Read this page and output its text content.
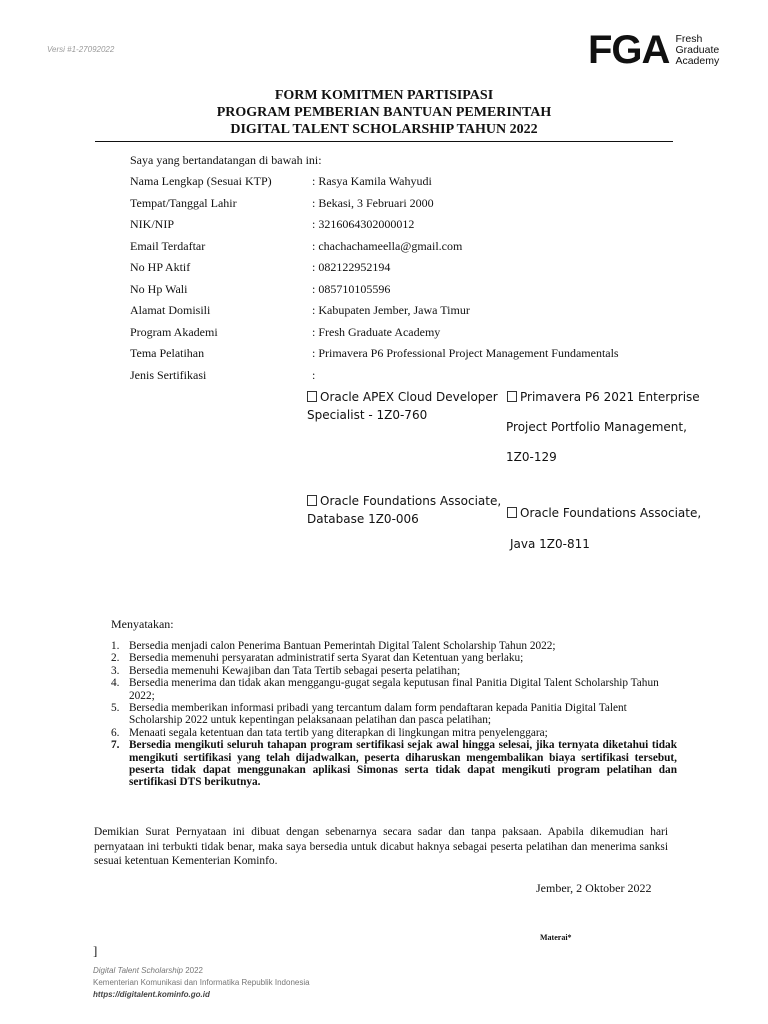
Versi #1-27092022	FGA Fresh
Graduate
Academy
FORM KOMITMEN PARTISIPASI
PROGRAM PEMBERIAN BANTUAN PEMERINTAH
DIGITAL TALENT SCHOLARSHIP TAHUN 2022
Saya yang bertandatangan di bawah ini:
Nama Lengkap (Sesuai KTP)	: Rasya Kamila Wahyudi
Tempat/Tanggal Lahir	: Bekasi, 3 Februari 2000
NIK/NIP	: 3216064302000012
Email Terdaftar	: chachachameella@gmail.com
No HP Aktif	: 082122952194
No Hp Wali	: 085710105596
Alamat Domisili	: Kabupaten Jember, Jawa Timur
Program Akademi	: Fresh Graduate Academy
Tema Pelatihan	: Primavera P6 Professional Project Management Fundamentals
Jenis Sertifikasi	:
Oracle APEX Cloud Developer
Specialist - 1Z0-760
Primavera P6 2021 Enterprise
Project Portfolio Management,
1Z0-129
Oracle Foundations Associate,
Database 1Z0-006	Oracle Foundations Associate,
Java 1Z0-811
Menyatakan:
1. Bersedia menjadi calon Penerima Bantuan Pemerintah Digital Talent Scholarship Tahun 2022;
2. Bersedia memenuhi persyaratan administratif serta Syarat dan Ketentuan yang berlaku;
3. Bersedia memenuhi Kewajiban dan Tata Tertib sebagai peserta pelatihan;
4. Bersedia menerima dan tidak akan menggangu-gugat segala keputusan final Panitia Digital Talent Scholarship Tahun 2022;
5. Bersedia memberikan informasi pribadi yang tercantum dalam form pendaftaran kepada Panitia Digital Talent Scholarship 2022 untuk kepentingan pelaksanaan pelatihan dan pasca pelatihan;
6. Menaati segala ketentuan dan tata tertib yang diterapkan di lingkungan mitra penyelenggara;
7. Bersedia mengikuti seluruh tahapan program sertifikasi sejak awal hingga selesai, jika ternyata diketahui tidak mengikuti sertifikasi yang telah dijadwalkan, peserta diharuskan mengembalikan biaya sertifikasi tersebut, peserta tidak dapat menggunakan aplikasi Simonas serta tidak dapat mengikuti program pelatihan dan sertifikasi DTS berikutnya.
Demikian Surat Pernyataan ini dibuat dengan sebenarnya secara sadar dan tanpa paksaan. Apabila dikemudian hari pernyataan ini terbukti tidak benar, maka saya bersedia untuk dicabut haknya sebagai peserta pelatihan dan menerima sanksi sesuai ketentuan Kementerian Kominfo.
Jember, 2 Oktober 2022
Materai*
]
Digital Talent Scholarship 2022
Kementerian Komunikasi dan Informatika Republik Indonesia
https://digitalent.kominfo.go.id
